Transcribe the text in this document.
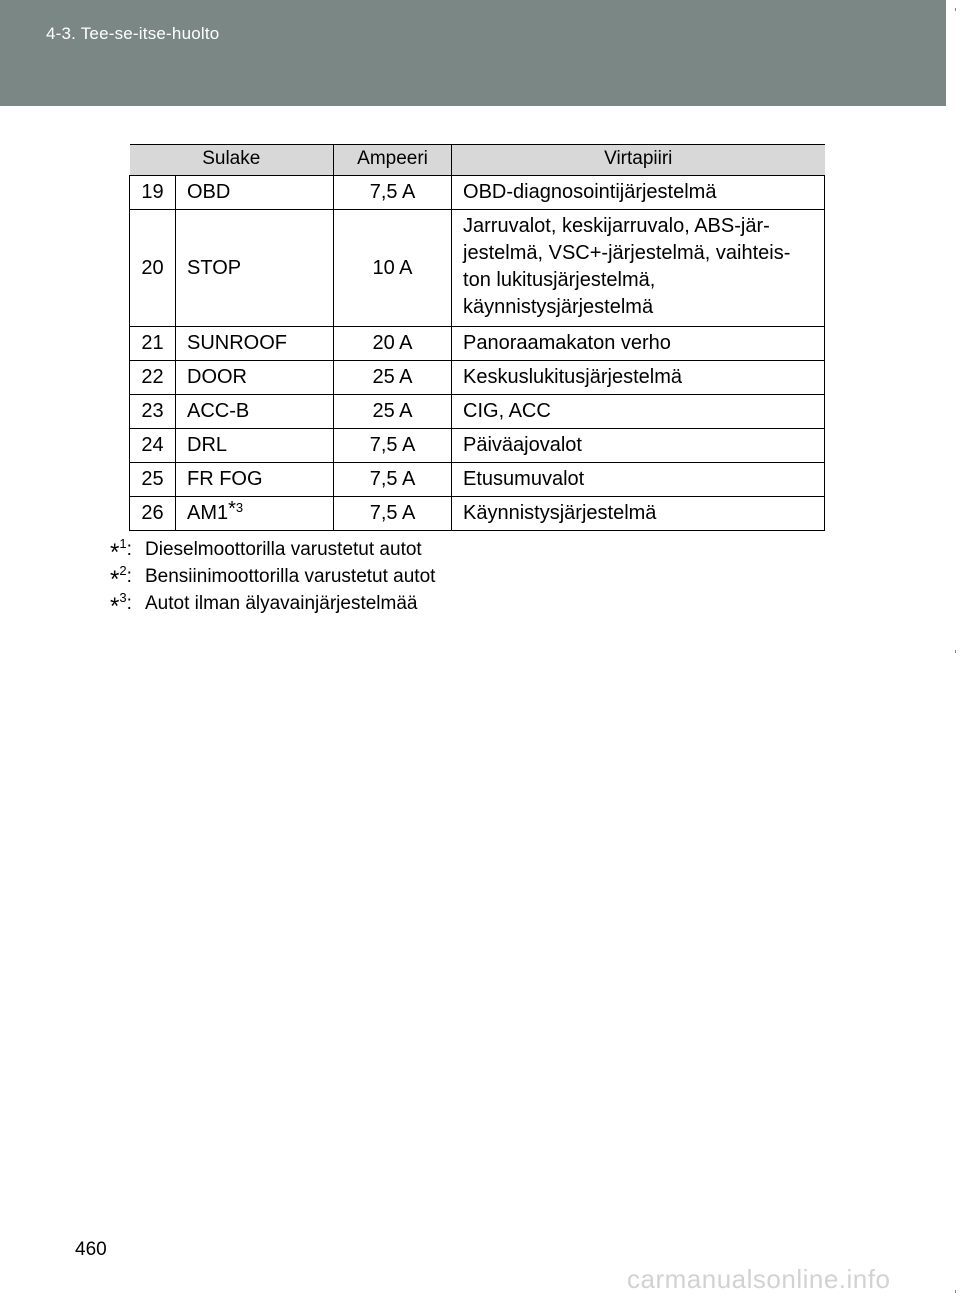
4-3. Tee-se-itse-huolto
Sulake		Ampeeri	Virtapiiri
19	OBD	7,5 A	OBD-diagnosointijärjestelmä
20	STOP	10 A	Jarruvalot, keskijarruvalo, ABS-jär-
jestelmä, VSC+-järjestelmä, vaihteis-
ton lukitusjärjestelmä,
käynnistysjärjestelmä

21	SUNROOF	20 A	Panoraamakaton verho
22	DOOR	25 A	Keskuslukitusjärjestelmä
23	ACC-B	25 A	CIG, ACC
24	DRL	7,5 A	Päiväajovalot
25	FR FOG	7,5 A	Etusumuvalot
26	AM1$^{*3}$	7,5 A	Käynnistysjärjestelmä
*$^1$: Dieselmoottorilla varustetut autot
*$^2$: Bensiinimoottorilla varustetut autot
*$^3$: Autot ilman älyavainjärjestelmää
460
carmanualsonline.info
